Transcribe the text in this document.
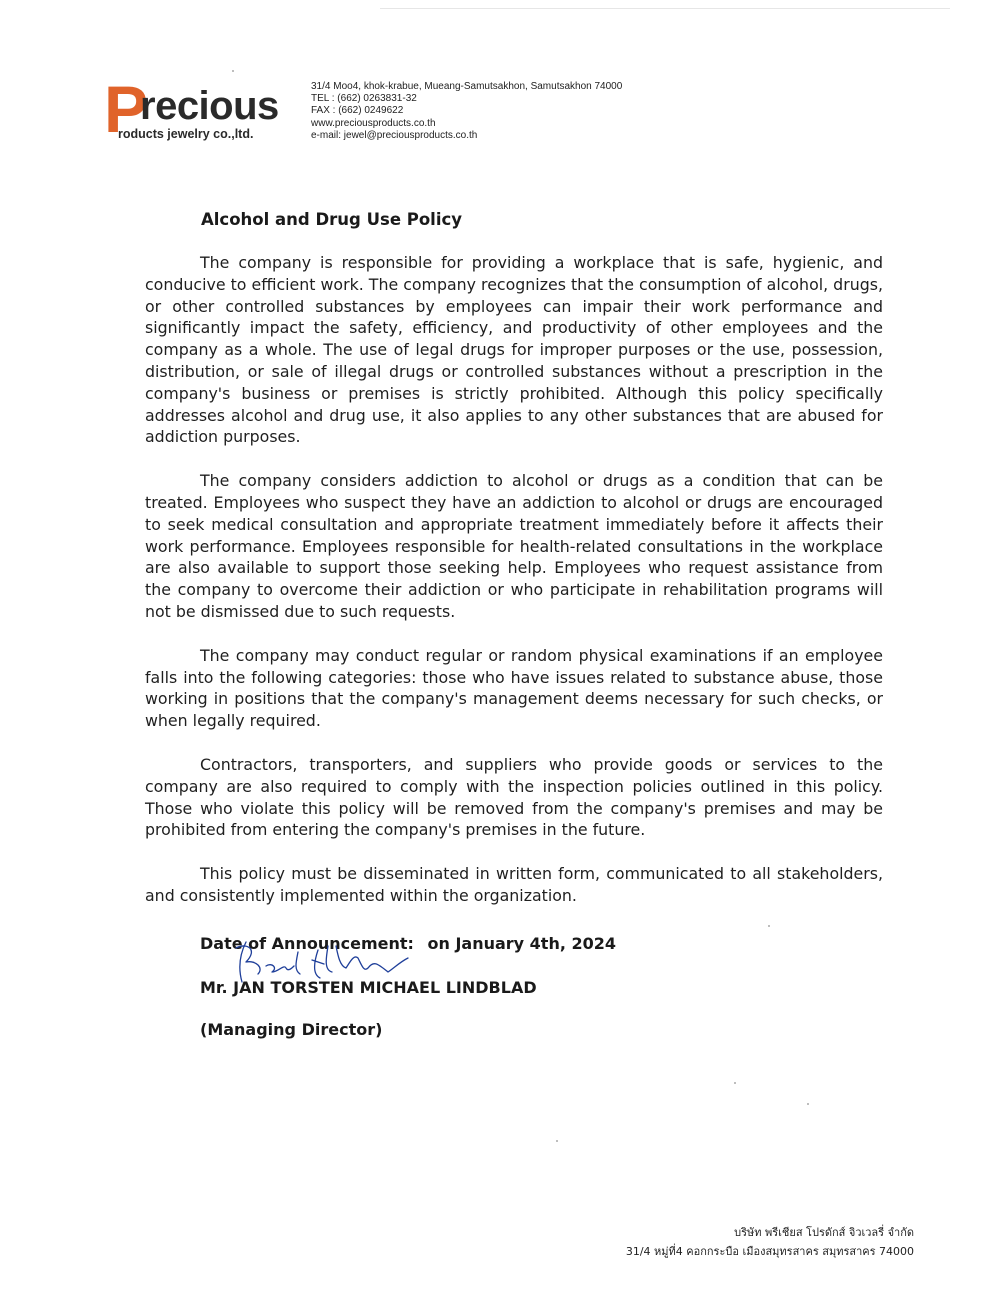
P
recious
roducts jewelry co.,ltd.
31/4 Moo4, khok-krabue, Mueang-Samutsakhon, Samutsakhon 74000
TEL : (662) 0263831-32
FAX : (662) 0249622
www.preciousproducts.co.th
e-mail: jewel@preciousproducts.co.th
Alcohol and Drug Use Policy

The company is responsible for providing a workplace that is safe, hygienic, and conducive to efficient work. The company recognizes that the consumption of alcohol, drugs, or other controlled substances by employees can impair their work performance and significantly impact the safety, efficiency, and productivity of other employees and the company as a whole. The use of legal drugs for improper purposes or the use, possession, distribution, or sale of illegal drugs or controlled substances without a prescription in the company's business or premises is strictly prohibited. Although this policy specifically addresses alcohol and drug use, it also applies to any other substances that are abused for addiction purposes.

The company considers addiction to alcohol or drugs as a condition that can be treated. Employees who suspect they have an addiction to alcohol or drugs are encouraged to seek medical consultation and appropriate treatment immediately before it affects their work performance. Employees responsible for health-related consultations in the workplace are also available to support those seeking help. Employees who request assistance from the company to overcome their addiction or who participate in rehabilitation programs will not be dismissed due to such requests.

The company may conduct regular or random physical examinations if an employee falls into the following categories: those who have issues related to substance abuse, those working in positions that the company's management deems necessary for such checks, or when legally required.

Contractors, transporters, and suppliers who provide goods or services to the company are also required to comply with the inspection policies outlined in this policy. Those who violate this policy will be removed from the company's premises and may be prohibited from entering the company's premises in the future.

This policy must be disseminated in written form, communicated to all stakeholders, and consistently implemented within the organization.

Date of Announcement: on January 4th, 2024
Mr. JAN TORSTEN MICHAEL LINDBLAD
(Managing Director)
บริษัท พรีเชียส โปรดักส์ จิวเวลรี่ จำกัด
31/4 หมู่ที่4 คอกกระบือ เมืองสมุทรสาคร สมุทรสาคร 74000
